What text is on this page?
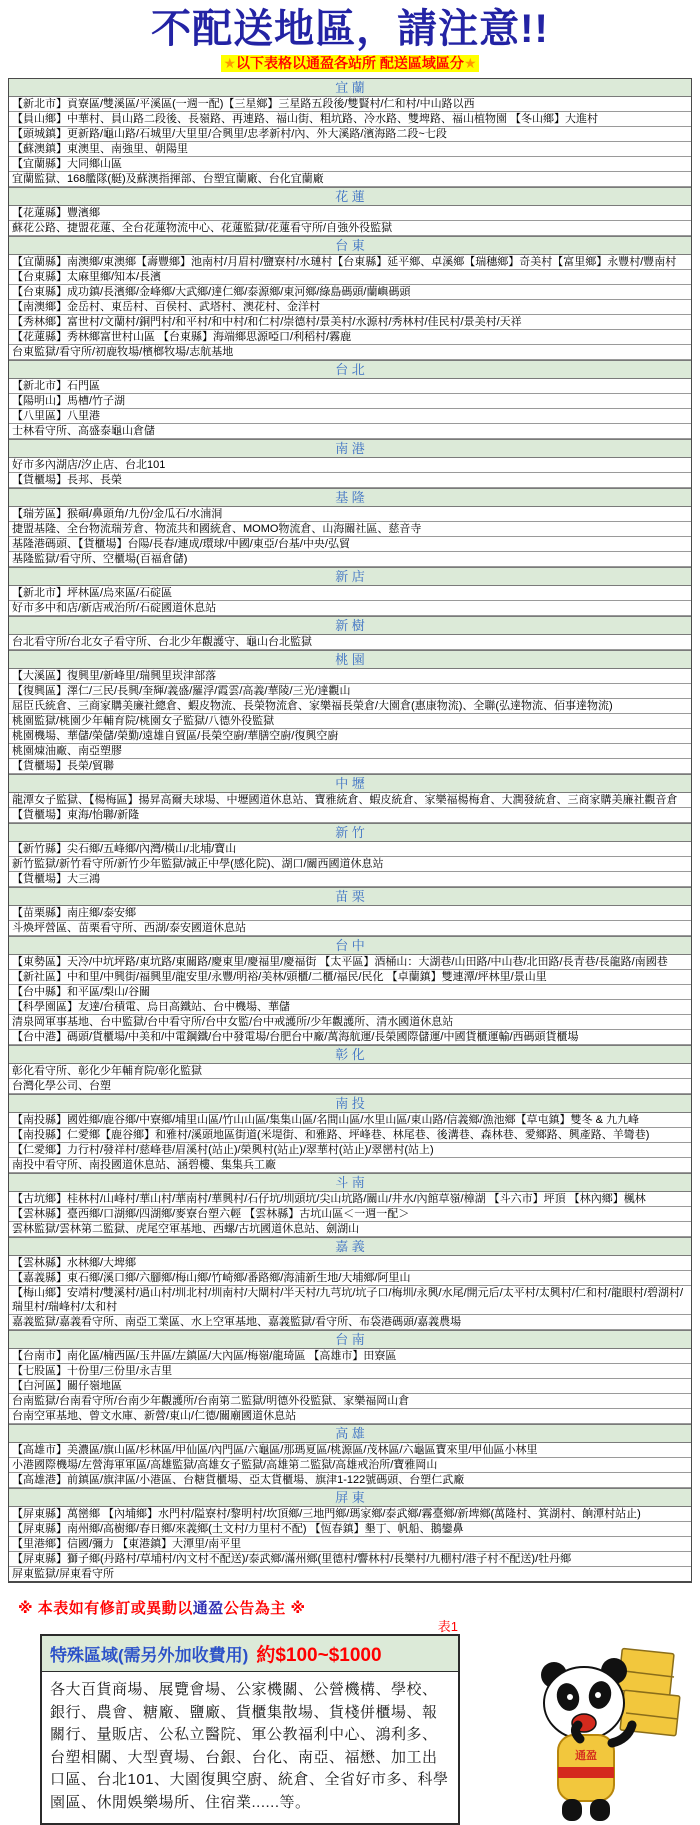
不配送地區，請注意!!
★以下表格以通盈各站所 配送區域區分★
宜 蘭
【新北市】貢寮區/雙溪區/平溪區(一週一配)【三星鄉】三星路五段後/雙賢村/仁和村/中山路以西
【員山鄉】中華村、員山路二段後、長嶺路、再連路、福山街、粗坑路、冷水路、雙埤路、福山植物園 【冬山鄉】大進村
【頭城鎮】更新路/龜山路/石城里/大里里/合興里/忠孝新村/內、外大溪路/濱海路二段~七段
【蘇澳鎮】東澳里、南強里、朝陽里
【宜蘭縣】大同鄉山區
宜蘭監獄、168艦隊(艇)及蘇澳指揮部、台塑宜蘭廠、台化宜蘭廠
花 蓮
【花蓮縣】豐濱鄉
蘇花公路、捷盟花蓮、全台花蓮物流中心、花蓮監獄/花蓮看守所/自強外役監獄
台 東
【宜蘭縣】南澳鄉/東澳鄉【壽豐鄉】池南村/月眉村/鹽寮村/水璉村【台東縣】延平鄉、卓溪鄉【瑞穗鄉】奇美村【富里鄉】永豐村/豐南村
【台東縣】太麻里鄉/知本/長濱
【台東縣】成功鎮/長濱鄉/金峰鄉/大武鄉/達仁鄉/泰源鄉/東河鄉/綠島碼頭/蘭嶼碼頭
【南澳鄉】金岳村、東岳村、百侯村、武塔村、澳花村、金洋村
【秀林鄉】富世村/文蘭村/銅門村/和平村/和中村/和仁村/崇德村/景美村/水源村/秀林村/佳民村/景美村/天祥
【花蓮縣】秀林鄉富世村山區 【台東縣】海端鄉思源啞口/利稻村/霧鹿
台東監獄/看守所/初鹿牧場/檳榔牧場/志航基地
台 北
【新北市】石門區
【陽明山】馬槽/竹子湖
【八里區】八里港
士林看守所、高盛泰龜山倉儲
南 港
好市多內湖店/汐止店、台北101
【貨櫃場】長邦、長榮
基 隆
【瑞芳區】猴硐/鼻頭角/九份/金瓜石/水湳洞
捷盟基隆、全台物流瑞芳倉、物流共和國統倉、MOMO物流倉、山海關社區、慈音寺
基隆港碼頭、【貨櫃場】台陽/長春/連成/環球/中國/東亞/台基/中央/弘貿
基隆監獄/看守所、空櫃場(百福倉儲)
新 店
【新北市】坪林區/烏來區/石碇區
好市多中和店/新店戒治所/石碇國道休息站
新 樹
台北看守所/台北女子看守所、台北少年觀護守、龜山台北監獄
桃 園
【大溪區】復興里/新峰里/瑞興里崁津部落
【復興區】澤仁/三民/長興/奎輝/義盛/羅浮/霞雲/高義/華陵/三光/達觀山
屈臣氏統倉、三商家購美廉社總倉、蝦皮物流、長榮物流倉、家樂福長榮倉/大園倉(惠康物流)、全聯(弘達物流、佰事達物流)
桃園監獄/桃園少年輔育院/桃園女子監獄/八德外役監獄
桃園機場、華儲/榮儲/榮勤/遠雄自貿區/長榮空廚/華膳空廚/復興空廚
桃園煉油廠、南亞塑膠
【貨櫃場】長榮/貿聯
中 壢
龍潭女子監獄、【楊梅區】揚昇高爾夫球場、中壢國道休息站、寶雅統倉、蝦皮統倉、家樂福楊梅倉、大潤發統倉、三商家購美廉社觀音倉
【貨櫃場】東海/怡聯/新隆
新 竹
【新竹縣】尖石鄉/五峰鄉/內灣/橫山/北埔/寶山
新竹監獄/新竹看守所/新竹少年監獄/誠正中學(感化院)、湖口/關西國道休息站
【貨櫃場】大三鴻
苗 栗
【苗栗縣】南庄鄉/泰安鄉
斗煥坪營區、苗栗看守所、西湖/泰安國道休息站
台 中
【東勢區】天冷/中坑坪路/東坑路/東關路/慶東里/慶福里/慶福街 【太平區】酒桶山：大湖巷/山田路/中山巷/北田路/長青巷/長龍路/南國巷
【新社區】中和里/中興街/福興里/龍安里/永豐/明裕/美林/頭櫃/二櫃/福民/民化 【卓蘭鎮】雙連潭/坪林里/景山里
【台中縣】和平區/梨山/谷關
【科學園區】友達/台積電、烏日高鐵站、台中機場、華儲
清泉岡軍事基地、台中監獄/台中看守所/台中女監/台中戒護所/少年觀護所、清水國道休息站
【台中港】碼頭/貨櫃場/中美和/中電鋼鐵/台中發電場/台肥台中廠/萬海航運/長榮國際儲運/中國貨櫃運輸/西碼頭貨櫃場
彰 化
彰化看守所、彰化少年輔育院/彰化監獄
台灣化學公司、台塑
南 投
【南投縣】國姓鄉/鹿谷鄉/中寮鄉/埔里山區/竹山山區/集集山區/名間山區/水里山區/東山路/信義鄉/漁池鄉【草屯鎮】雙冬 & 九九峰
【南投縣】仁愛鄉【鹿谷鄉】和雅村/溪頭地區街道(米堤街、和雅路、坪峰巷、林尾巷、後溝巷、森林巷、愛鄉路、興產路、羊彎巷)
【仁愛鄉】力行村/發祥村/慈峰巷/眉溪村(站止)/榮興村(站止)/翠華村(站止)/翠巒村(站上)
南投中看守所、南投國道休息站、涵碧樓、集集兵工廠
斗 南
【古坑鄉】桂林村/山峰村/華山村/華南村/華興村/石仔坑/圳頭坑/尖山坑路/關山/井水/內館草嶺/樟湖 【斗六市】坪頂 【林內鄉】楓林
【雲林縣】臺西鄉/口湖鄉/四湖鄉/麥寮台塑六輕 【雲林縣】古坑山區＜一週一配＞
雲林監獄/雲林第二監獄、虎尾空軍基地、西螺/古坑國道休息站、劍湖山
嘉 義
【雲林縣】水林鄉/大埤鄉
【嘉義縣】東石鄉/溪口鄉/六腳鄉/梅山鄉/竹崎鄉/番路鄉/海浦新生地/大埔鄉/阿里山
【梅山鄉】安靖村/雙溪村/過山村/圳北村/圳南村/大閘村/半天村/九芎坑/坑子口/梅圳/永興/水尾/開元后/太平村/太興村/仁和村/龍眼村/碧湖村/瑞里村/瑞峰村/太和村
嘉義監獄/嘉義看守所、南亞工業區、水上空軍基地、嘉義監獄/看守所、布袋港碼頭/嘉義農場
台 南
【台南市】南化區/楠西區/玉井區/左鎮區/大內區/梅嶺/龍琦區 【高雄市】田寮區
【七股區】十份里/三份里/永吉里
【白河區】關仔嶺地區
台南監獄/台南看守所/台南少年觀護所/台南第二監獄/明德外役監獄、家樂福岡山倉
台南空軍基地、曾文水庫、新營/東山/仁德/關廟國道休息站
高 雄
【高雄市】美濃區/旗山區/杉林區/甲仙區/內門區/六龜區/那瑪夏區/桃源區/茂林區/六龜區寶來里/甲仙區小林里
小港國際機場/左營海軍軍區/高雄監獄/高雄女子監獄/高雄第二監獄/高雄戒治所/寶雅岡山
【高雄港】前鎮區/旗津區/小港區、台糖貨櫃場、亞太貨櫃場、旗津1-122號碼頭、台塑仁武廠
屏 東
【屏東縣】萬巒鄉 【內埔鄉】水門村/隘寮村/黎明村/坎頂鄉/三地門鄉/瑪家鄉/泰武鄉/霧臺鄉/新埤鄉(萬隆村、箕湖村、餉潭村站止)
【屏東縣】南州鄉/高樹鄉/春日鄉/來義鄉(土文村/力里村不配) 【恆春鎮】墾丁、帆船、鵝鑾鼻
【里港鄉】信國/彌力 【東港鎮】大潭里/南平里
【屏東縣】獅子鄉(丹路村/草埔村/內文村不配送)/泰武鄉/滿州鄉(里德村/響林村/長樂村/九棚村/港子村不配送)/牡丹鄉
屏東監獄/屏東看守所
※ 本表如有修訂或異動以通盈公告為主 ※
表1
特殊區域(需另外加收費用) 約$100~$1000
各大百貨商場、展覽會場、公家機關、公營機構、學校、銀行、農會、糖廠、鹽廠、貨櫃集散場、貨棧併櫃場、報關行、量販店、公私立醫院、軍公教福利中心、鴻利多、台塑相關、大型賣場、台銀、台化、南亞、福懋、加工出口區、台北101、大園復興空廚、統倉、全省好市多、科學園區、休閒娛樂場所、住宿業......等。
通盈
